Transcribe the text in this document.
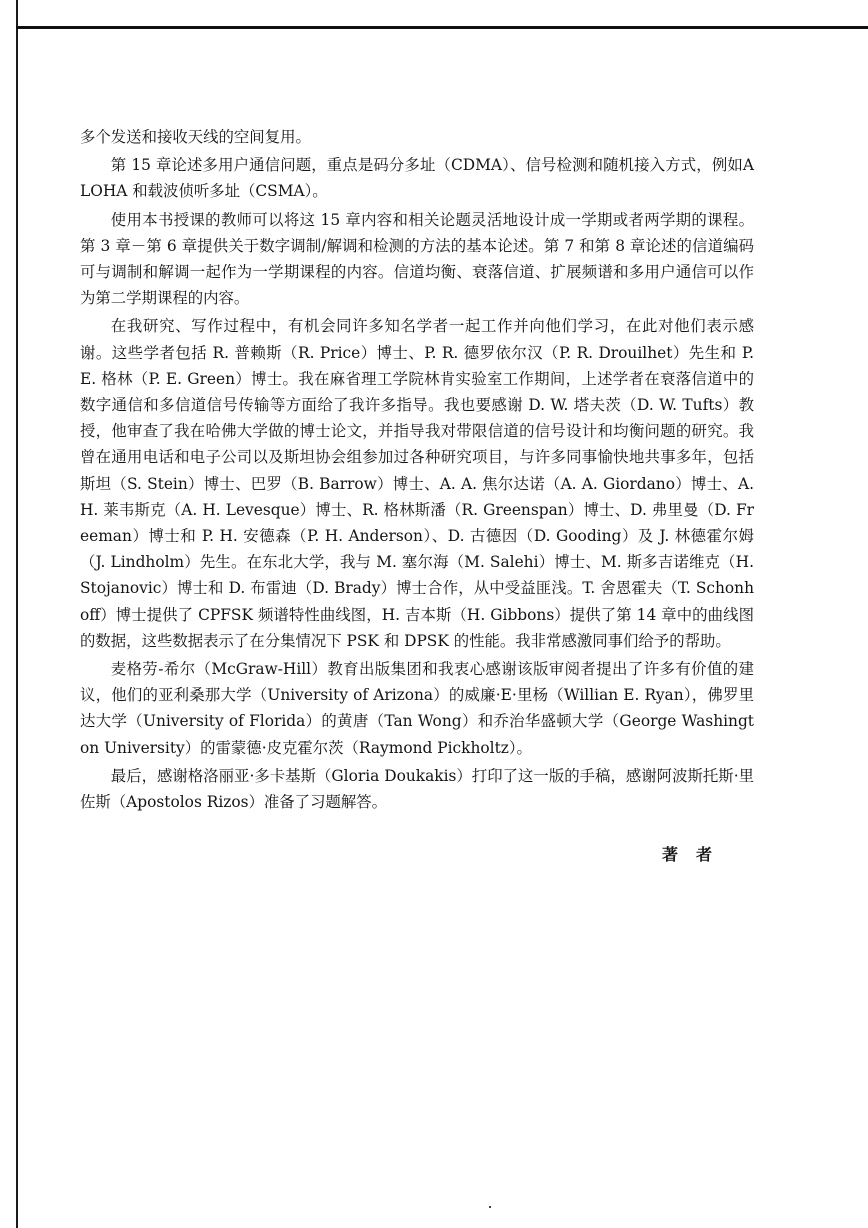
多个发送和接收天线的空间复用。

第 15 章论述多用户通信问题，重点是码分多址（CDMA）、信号检测和随机接入方式，例如ALOHA 和载波侦听多址（CSMA）。

使用本书授课的教师可以将这 15 章内容和相关论题灵活地设计成一学期或者两学期的课程。第 3 章－第 6 章提供关于数字调制/解调和检测的方法的基本论述。第 7 和第 8 章论述的信道编码可与调制和解调一起作为一学期课程的内容。信道均衡、衰落信道、扩展频谱和多用户通信可以作为第二学期课程的内容。

在我研究、写作过程中，有机会同许多知名学者一起工作并向他们学习，在此对他们表示感谢。这些学者包括 R. 普赖斯（R. Price）博士、P. R. 德罗依尔汉（P. R. Drouilhet）先生和 P. E. 格林（P. E. Green）博士。我在麻省理工学院林肯实验室工作期间，上述学者在衰落信道中的数字通信和多信道信号传输等方面给了我许多指导。我也要感谢 D. W. 塔夫茨（D. W. Tufts）教授，他审查了我在哈佛大学做的博士论文，并指导我对带限信道的信号设计和均衡问题的研究。我曾在通用电话和电子公司以及斯坦协会组参加过各种研究项目，与许多同事愉快地共事多年，包括斯坦（S. Stein）博士、巴罗（B. Barrow）博士、A. A. 焦尔达诺（A. A. Giordano）博士、A. H. 莱韦斯克（A. H. Levesque）博士、R. 格林斯潘（R. Greenspan）博士、D. 弗里曼（D. Freeman）博士和 P. H. 安德森（P. H. Anderson）、D. 古德因（D. Gooding）及 J. 林德霍尔姆（J. Lindholm）先生。在东北大学，我与 M. 塞尔海（M. Salehi）博士、M. 斯多吉诺维克（H. Stojanovic）博士和 D. 布雷迪（D. Brady）博士合作，从中受益匪浅。T. 舍恩霍夫（T. Schonhoff）博士提供了 CPFSK 频谱特性曲线图，H. 吉本斯（H. Gibbons）提供了第 14 章中的曲线图的数据，这些数据表示了在分集情况下 PSK 和 DPSK 的性能。我非常感激同事们给予的帮助。

麦格劳-希尔（McGraw-Hill）教育出版集团和我衷心感谢该版审阅者提出了许多有价值的建议，他们的亚利桑那大学（University of Arizona）的威廉·E·里杨（Willian E. Ryan），佛罗里达大学（University of Florida）的黄唐（Tan Wong）和乔治华盛顿大学（George Washington University）的雷蒙德·皮克霍尔茨（Raymond Pickholtz）。

最后，感谢格洛丽亚·多卡基斯（Gloria Doukakis）打印了这一版的手稿，感谢阿波斯托斯·里佐斯（Apostolos Rizos）准备了习题解答。

著者
